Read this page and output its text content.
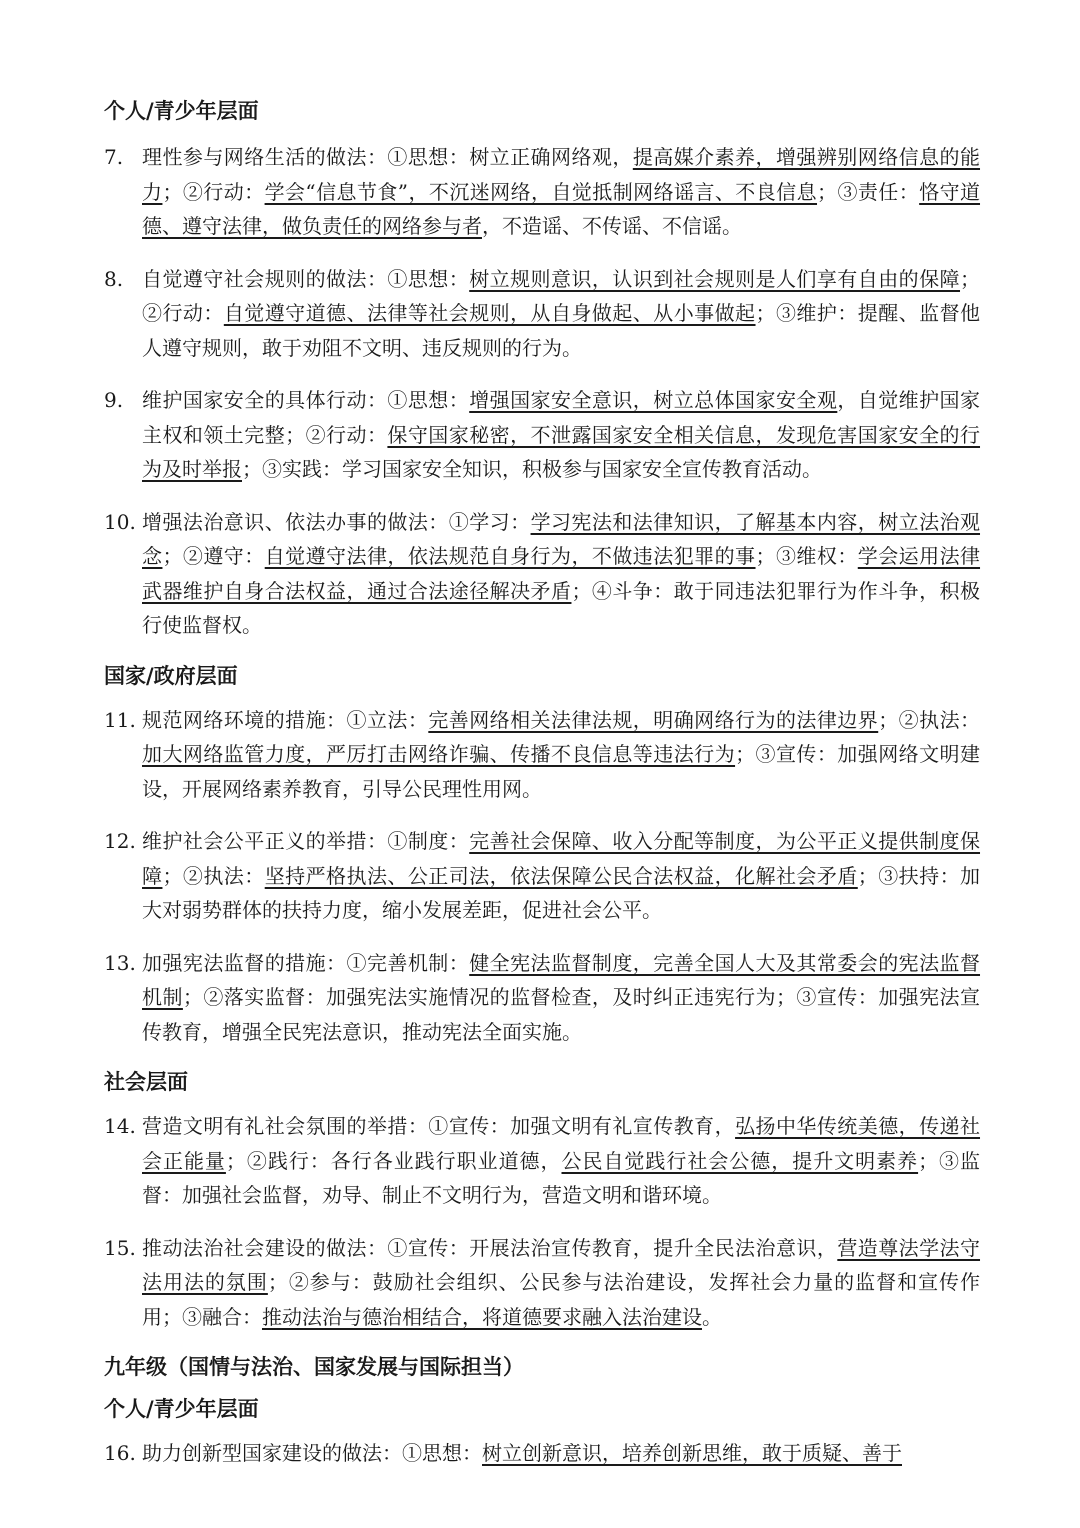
个人/青少年层面
7. 理性参与网络生活的做法：①思想：树立正确网络观，提高媒介素养，增强辨别网络信息的能力；②行动：学会“信息节食”，不沉迷网络，自觉抵制网络谣言、不良信息；③责任：恪守道德、遵守法律，做负责任的网络参与者，不造谣、不传谣、不信谣。
8. 自觉遵守社会规则的做法：①思想：树立规则意识，认识到社会规则是人们享有自由的保障；②行动：自觉遵守道德、法律等社会规则，从自身做起、从小事做起；③维护：提醒、监督他人遵守规则，敢于劝阻不文明、违反规则的行为。
9. 维护国家安全的具体行动：①思想：增强国家安全意识，树立总体国家安全观，自觉维护国家主权和领土完整；②行动：保守国家秘密，不泄露国家安全相关信息，发现危害国家安全的行为及时举报；③实践：学习国家安全知识，积极参与国家安全宣传教育活动。
10. 增强法治意识、依法办事的做法：①学习：学习宪法和法律知识，了解基本内容，树立法治观念；②遵守：自觉遵守法律，依法规范自身行为，不做违法犯罪的事；③维权：学会运用法律武器维护自身合法权益，通过合法途径解决矛盾；④斗争：敢于同违法犯罪行为作斗争，积极行使监督权。
国家/政府层面
11. 规范网络环境的措施：①立法：完善网络相关法律法规，明确网络行为的法律边界；②执法：加大网络监管力度，严厉打击网络诈骗、传播不良信息等违法行为；③宣传：加强网络文明建设，开展网络素养教育，引导公民理性用网。
12. 维护社会公平正义的举措：①制度：完善社会保障、收入分配等制度，为公平正义提供制度保障；②执法：坚持严格执法、公正司法，依法保障公民合法权益，化解社会矛盾；③扶持：加大对弱势群体的扶持力度，缩小发展差距，促进社会公平。
13. 加强宪法监督的措施：①完善机制：健全宪法监督制度，完善全国人大及其常委会的宪法监督机制；②落实监督：加强宪法实施情况的监督检查，及时纠正违宪行为；③宣传：加强宪法宣传教育，增强全民宪法意识，推动宪法全面实施。
社会层面
14. 营造文明有礼社会氛围的举措：①宣传：加强文明有礼宣传教育，弘扬中华传统美德，传递社会正能量；②践行：各行各业践行职业道德，公民自觉践行社会公德，提升文明素养；③监督：加强社会监督，劝导、制止不文明行为，营造文明和谐环境。
15. 推动法治社会建设的做法：①宣传：开展法治宣传教育，提升全民法治意识，营造尊法学法守法用法的氛围；②参与：鼓励社会组织、公民参与法治建设，发挥社会力量的监督和宣传作用；③融合：推动法治与德治相结合，将道德要求融入法治建设。
九年级（国情与法治、国家发展与国际担当）
个人/青少年层面
16. 助力创新型国家建设的做法：①思想：树立创新意识，培养创新思维，敢于质疑、善于
